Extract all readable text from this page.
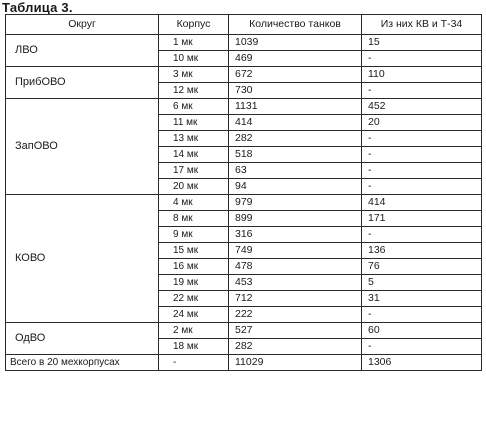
Таблица 3.
Округ	Корпус	Количество танков	Из них КВ и Т-34
ЛВО	1 мк	1039	15
	10 мк	469	-
ПрибОВО	3 мк	672	110
	12 мк	730	-
ЗапОВО	6 мк	1131	452
	11 мк	414	20
	13 мк	282	-
	14 мк	518	-
	17 мк	63	-
	20 мк	94	-
КОВО	4 мк	979	414
	8 мк	899	171
	9 мк	316	-
	15 мк	749	136
	16 мк	478	76
	19 мк	453	5
	22 мк	712	31
	24 мк	222	-
ОдВО	2 мк	527	60
	18 мк	282	-
Всего в 20 мехкорпусах	-	11029	1306
